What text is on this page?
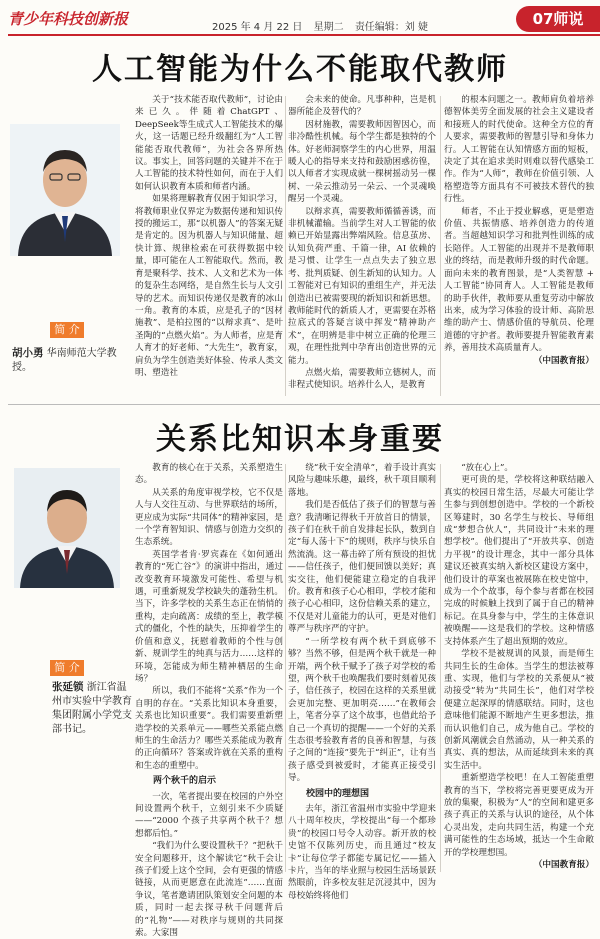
青少年科技创新报	2025 年 4 月 22 日 星期二 责任编辑：刘 婕	07师说
人工智能为什么不能取代教师
简 介
胡小勇 华南师范大学教授。

关于“技术能否取代教师”，讨论由来已久。伴随着ChatGPT、DeepSeek等生成式人工智能技术的爆火，这一话题已经升级翻红为“人工智能能否取代教师”，为社会各界所热议。事实上，回答问题的关键并不在于人工智能的技术特性如何，而在于人们如何认识教育本质和师者内涵。

如果将理解教育仅困于知识学习，将教师职业仅界定为数据传递和知识传授的搬运工，那“以机器人”的答案无疑是肯定的。因为机器人与知识储量、超快计算、规律检索在可获得数据中较量，即可能在人工智能取代。然而，教育是聚科学、技术、人文和艺术为一体的复杂生态网络，是自然生长与人文引导的艺术。而知识传递仅是教育的冰山一角。教育的本质，应是孔子的“因材施教”、是柏拉图的“以辩求真”、是叶圣陶的“点燃火焰”。为人师者，应是育人育才的好老师、“大先生”，教育家，肩负为学生创造美好体验、传承人类文明、塑造社

会未来的使命。凡事种种，岂是机器所能企及替代的？

因材施教，需要教师因智因心，而非冷酷性机械。每个学生都是独特的个体。好老师洞察学生的内心世界，用温暖人心的指导来支持和鼓励困惑彷徨，以人师者才实现成就一棵树摇动另一棵树、一朵云推动另一朵云、一个灵魂唤醒另一个灵魂。

以辩求真，需要教师循循善诱，而非机械灌输。当前学生对人工智能的依赖已开始显露出弊端风险。信息茧房、认知负荷严重、千篇一律，AI 依赖的是习惯、让学生一点点失去了独立思考、批判质疑、创生新知的认知力。人工智能对已有知识的重组生产，并无法创造出已被需要现的新知识和新思想。教师能时代的新质人才，更需要在苏格拉底式的答疑言谈中挥发“精神助产术”，在明辨是非中树立正确的伦理三观，在理性批判中孕育出创造世界的元能力。

点燃火焰，需要教师立德树人，而非程式使知识。培养什么人，是教育

的根本问题之一。教师肩负着培养德智体美劳全面发展的社会主义建设者和接班人的时代使命。这种全方位的育人要求，需要教师的智慧引导和身体力行。人工智能在认知情感方面的短板，决定了其在追求美时则难以替代感染工作。作为“人师”，教师在价值引领、人格塑造等方面具有不可被技术替代的独行性。

师者，不止于授业解惑，更是塑造价值、共振情感、培养创造力的传道者。当超越知识学习和批判性训练的成长陪伴。人工智能的出现并不是教师职业的终结，而是教师升级的时代命题。面向未来的教育图景，是“人类智慧 + 人工智能”协同育人。人工智能是教师的助手伙伴，教师要从重复劳动中解放出来，成为学习体验的设计师、高阶思维的助产士、情感价值的导航员、伦理道德的守护者。教师要提升智能教育素养，善用技术高质量育人。

（中国教育报）

关系比知识本身重要
简 介
张延锁 浙江省温州市实验中学教育集团附属小学党支部书记。

教育的核心在于关系，关系塑造生态。

从关系的角度审视学校，它不仅是人与人交往互动、与世界联结的场所，更应成为实际“共同体”的精神家园，是一个学育智知识、情感与创造力交织的生态系统。

英国学者肯·罗宾森在《如何通出教育的“死亡谷”》的演讲中指出，通过改变教育环境激发可能性、希望与机遇，可重新规发学校缺失的蓬勃生机。当下，许多学校的关系生态正在悄悄的重构，走向疏离：成绩的至上，教学模式的僵化，个性的缺失，压抑着学生的价值和意义，抚慰着教师的个性与创新、规训学生的纯真与活力……这样的环境，怎能成为师生精神栖居的生命场？

所以，我们不能将“关系”作为一个自明的存在。“关系比知识本身重要，关系也比知识重要”。我们需要重新塑造学校的关系单元——哪些关系能点燃师生的生命活力？哪些关系能成为教育的正向循环？答案或许就在关系的重构和生态的重塑中。

两个秋千的启示

一次，笔者提出要在校园的户外空间设置两个秋千，立刻引来不少质疑——“2000 个孩子共享两个秋千？想想都后怕。”

“我们为什么要设置秋千？”把秋千安全问题移开，这个解读它“秋千会让孩子们爱上这个空间，会有更强的情感链接，从而更愿意在此流连”……直面争议，笔者邀请团队策划安全问题的本质，同时一起去探寻秋千问题背后的“礼物”——对秩序与规则的共同探索。大家围

绕“秋千安全清单”，着手设计真实风险与趣味乐趣，最终，秋千项目顺利落地。

我们是否低估了孩子们的智慧与善意？我清晰记得秋千开放首日的情景，孩子们在秋千前自发排起长队，数到自定“每人荡十下”的规则，秩序与快乐自然流淌。这一幕击碎了所有预设的担忧——信任孩子，他们便回馈以美好；真实交往，他们便能建立稳定的自我评价。教育和孩子心心相印，学校才能和孩子心心相印，这份信赖关系的建立，不仅是对儿童能力的认可，更是对他们尊严与秩序严的守护。

“一所学校有两个秋千到底够不够？当然不够，但是两个秋千就是一种开端，两个秋千赋予了孩子对学校的希望，两个秋千也唤醒我们要时刻着见孩子，信任孩子，校园在这样的关系里就会更加完整、更加明亮……”在教师会上，笔者分享了这个故事，也借此给予自己一个真切的提醒——一个好的关系生态很考验教育者的良善和智慧，与孩子之间的“连接”要先于“纠正”，让有当孩子感受到被爱时，才能真正接受引导。

校园中的理想国

去年，浙江省温州市实验中学迎来八十周年校庆，学校提出“每一个都珍贵”的校园口号令人动容。新开放的校史馆不仅陈列历史，而且通过“校友卡”让每位学子都能专属记忆——插入卡片，当年的毕业照与校园生活场景跃然眼前，许多校友驻足沉浸其中，因为母校始终将他们

“放在心上”。

更可贵的是，学校将这种联结融入真实的校园日常生活，尽最大可能让学生参与到创想创造中。学校的一个新校区筹建时，30 名学生与校长、导师组成“梦想合伙人”，共同设计“未来的理想学校”。他们提出了“开放共享、创造力平视”的设计理念，其中一部分具体建议还被真实纳入新校区建设方案中，他们设计的草案也被展陈在校史馆中，成为一个个故事，每个参与者都在校园完成的时候触上找到了属于自己的精神标记。在具身参与中，学生的主体意识被唤醒——这是我们的学校。这种情感支持体系产生了超出预期的效应。

学校不是被规训的风景，而是师生共同生长的生命体。当学生的想法被尊重、实现，他们与学校的关系便从“被动接受”转为“共同生长”，他们对学校便建立起深厚的情感联结。同时，这也意味他们能源不断地产生更多想法，推而认识他们自己，成为他自己。学校的创新风潮就会自然涌动，从一种关系的真实、真的想法，从而延续到未来的真实生活中。

重新塑造学校吧！在人工智能重塑教育的当下，学校将完善更要更成为开放的集聚，积极为“人”的空间和建更多孩子真正的关系与认识的途径，从个体心灵出发，走向共同生活，构建一个充满可能性的生态场域，抵达一个生命敞开的学校理想国。

（中国教育报）
